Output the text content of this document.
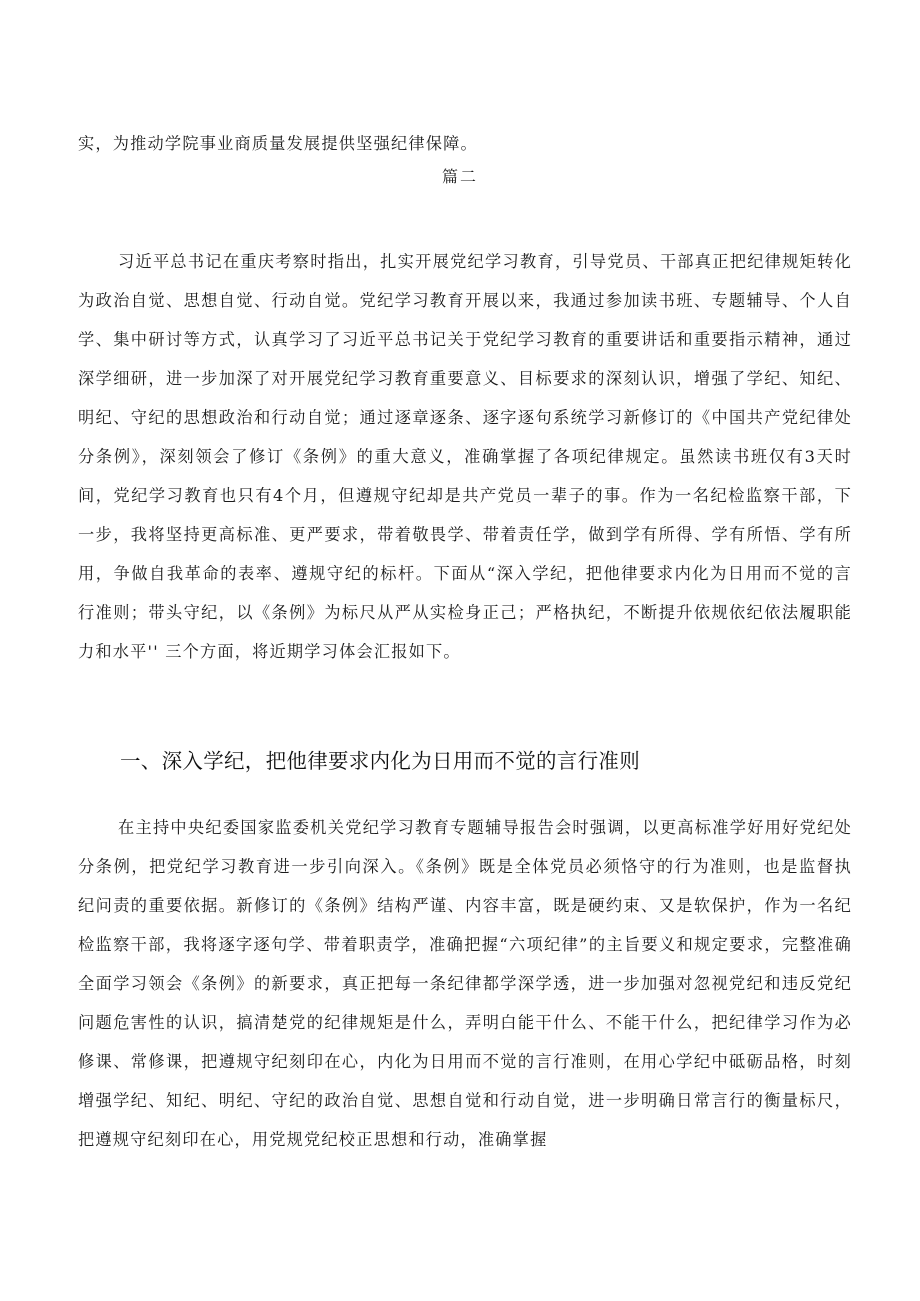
实，为推动学院事业商质量发展提供坚强纪律保障。

篇二

习近平总书记在重庆考察时指出，扎实开展党纪学习教育，引导党员、干部真正把纪律规矩转化为政治自觉、思想自觉、行动自觉。党纪学习教育开展以来，我通过参加读书班、专题辅导、个人自学、集中研讨等方式，认真学习了习近平总书记关于党纪学习教育的重要讲话和重要指示精神，通过深学细研，进一步加深了对开展党纪学习教育重要意义、目标要求的深刻认识，增强了学纪、知纪、明纪、守纪的思想政治和行动自觉；通过逐章逐条、逐字逐句系统学习新修订的《中国共产党纪律处分条例》，深刻领会了修订《条例》的重大意义，准确掌握了各项纪律规定。虽然读书班仅有3天时间，党纪学习教育也只有4个月，但遵规守纪却是共产党员一辈子的事。作为一名纪检监察干部，下一步，我将坚持更高标准、更严要求，带着敬畏学、带着责任学，做到学有所得、学有所悟、学有所用，争做自我革命的表率、遵规守纪的标杆。下面从“深入学纪，把他律要求内化为日用而不觉的言行准则；带头守纪，以《条例》为标尺从严从实检身正己；严格执纪，不断提升依规依纪依法履职能力和水平'' 三个方面，将近期学习体会汇报如下。

一、深入学纪，把他律要求内化为日用而不觉的言行准则

在主持中央纪委国家监委机关党纪学习教育专题辅导报告会时强调，以更高标准学好用好党纪处分条例，把党纪学习教育进一步引向深入。《条例》既是全体党员必须恪守的行为准则，也是监督执纪问责的重要依据。新修订的《条例》结构严谨、内容丰富，既是硬约束、又是软保护，作为一名纪检监察干部，我将逐字逐句学、带着职责学，准确把握“六项纪律”的主旨要义和规定要求，完整准确全面学习领会《条例》的新要求，真正把每一条纪律都学深学透，进一步加强对忽视党纪和违反党纪问题危害性的认识，搞清楚党的纪律规矩是什么，弄明白能干什么、不能干什么，把纪律学习作为必修课、常修课，把遵规守纪刻印在心，内化为日用而不觉的言行准则，在用心学纪中砥砺品格，时刻增强学纪、知纪、明纪、守纪的政治自觉、思想自觉和行动自觉，进一步明确日常言行的衡量标尺，把遵规守纪刻印在心，用党规党纪校正思想和行动，准确掌握
